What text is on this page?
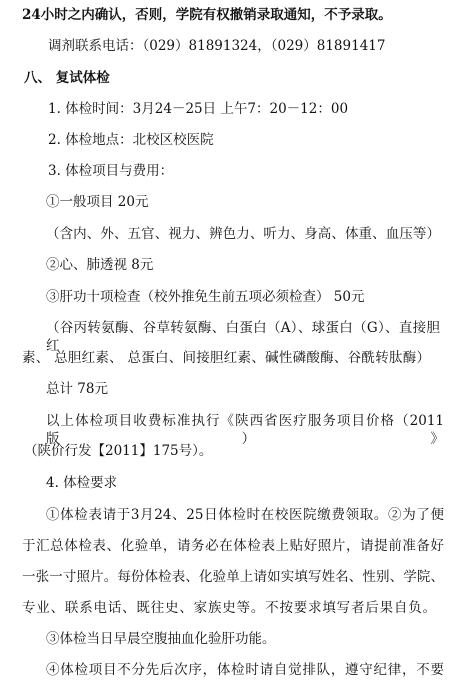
24小时之内确认，否则，学院有权撤销录取通知，不予录取。
调剂联系电话：（029）81891324，（029）81891417
八、 复试体检
1. 体检时间：3月24－25日 上午7：20－12：00
2. 体检地点：北校区校医院
3. 体检项目与费用：
①一般项目 20元
（含内、外、五官、视力、辨色力、听力、身高、体重、血压等）
②心、肺透视 8元
③肝功十项检查（校外推免生前五项必须检查） 50元
（谷丙转氨酶、谷草转氨酶、白蛋白（A）、球蛋白（G）、直接胆红
素、 总胆红素、 总蛋白、间接胆红素、碱性磷酸酶、谷酰转肽酶）
总计 78元
以上体检项目收费标准执行《陕西省医疗服务项目价格（2011版）》
（陕价行发【2011】175号）。
4. 体检要求
①体检表请于3月24、25日体检时在校医院缴费领取。②为了便
于汇总体检表、化验单，请务必在体检表上贴好照片，请提前准备好
一张一寸照片。每份体检表、化验单上请如实填写姓名、性别、学院、
专业、联系电话、既往史、家族史等。不按要求填写者后果自负。
③体检当日早晨空腹抽血化验肝功能。
④体检项目不分先后次序，体检时请自觉排队，遵守纪律，不要
